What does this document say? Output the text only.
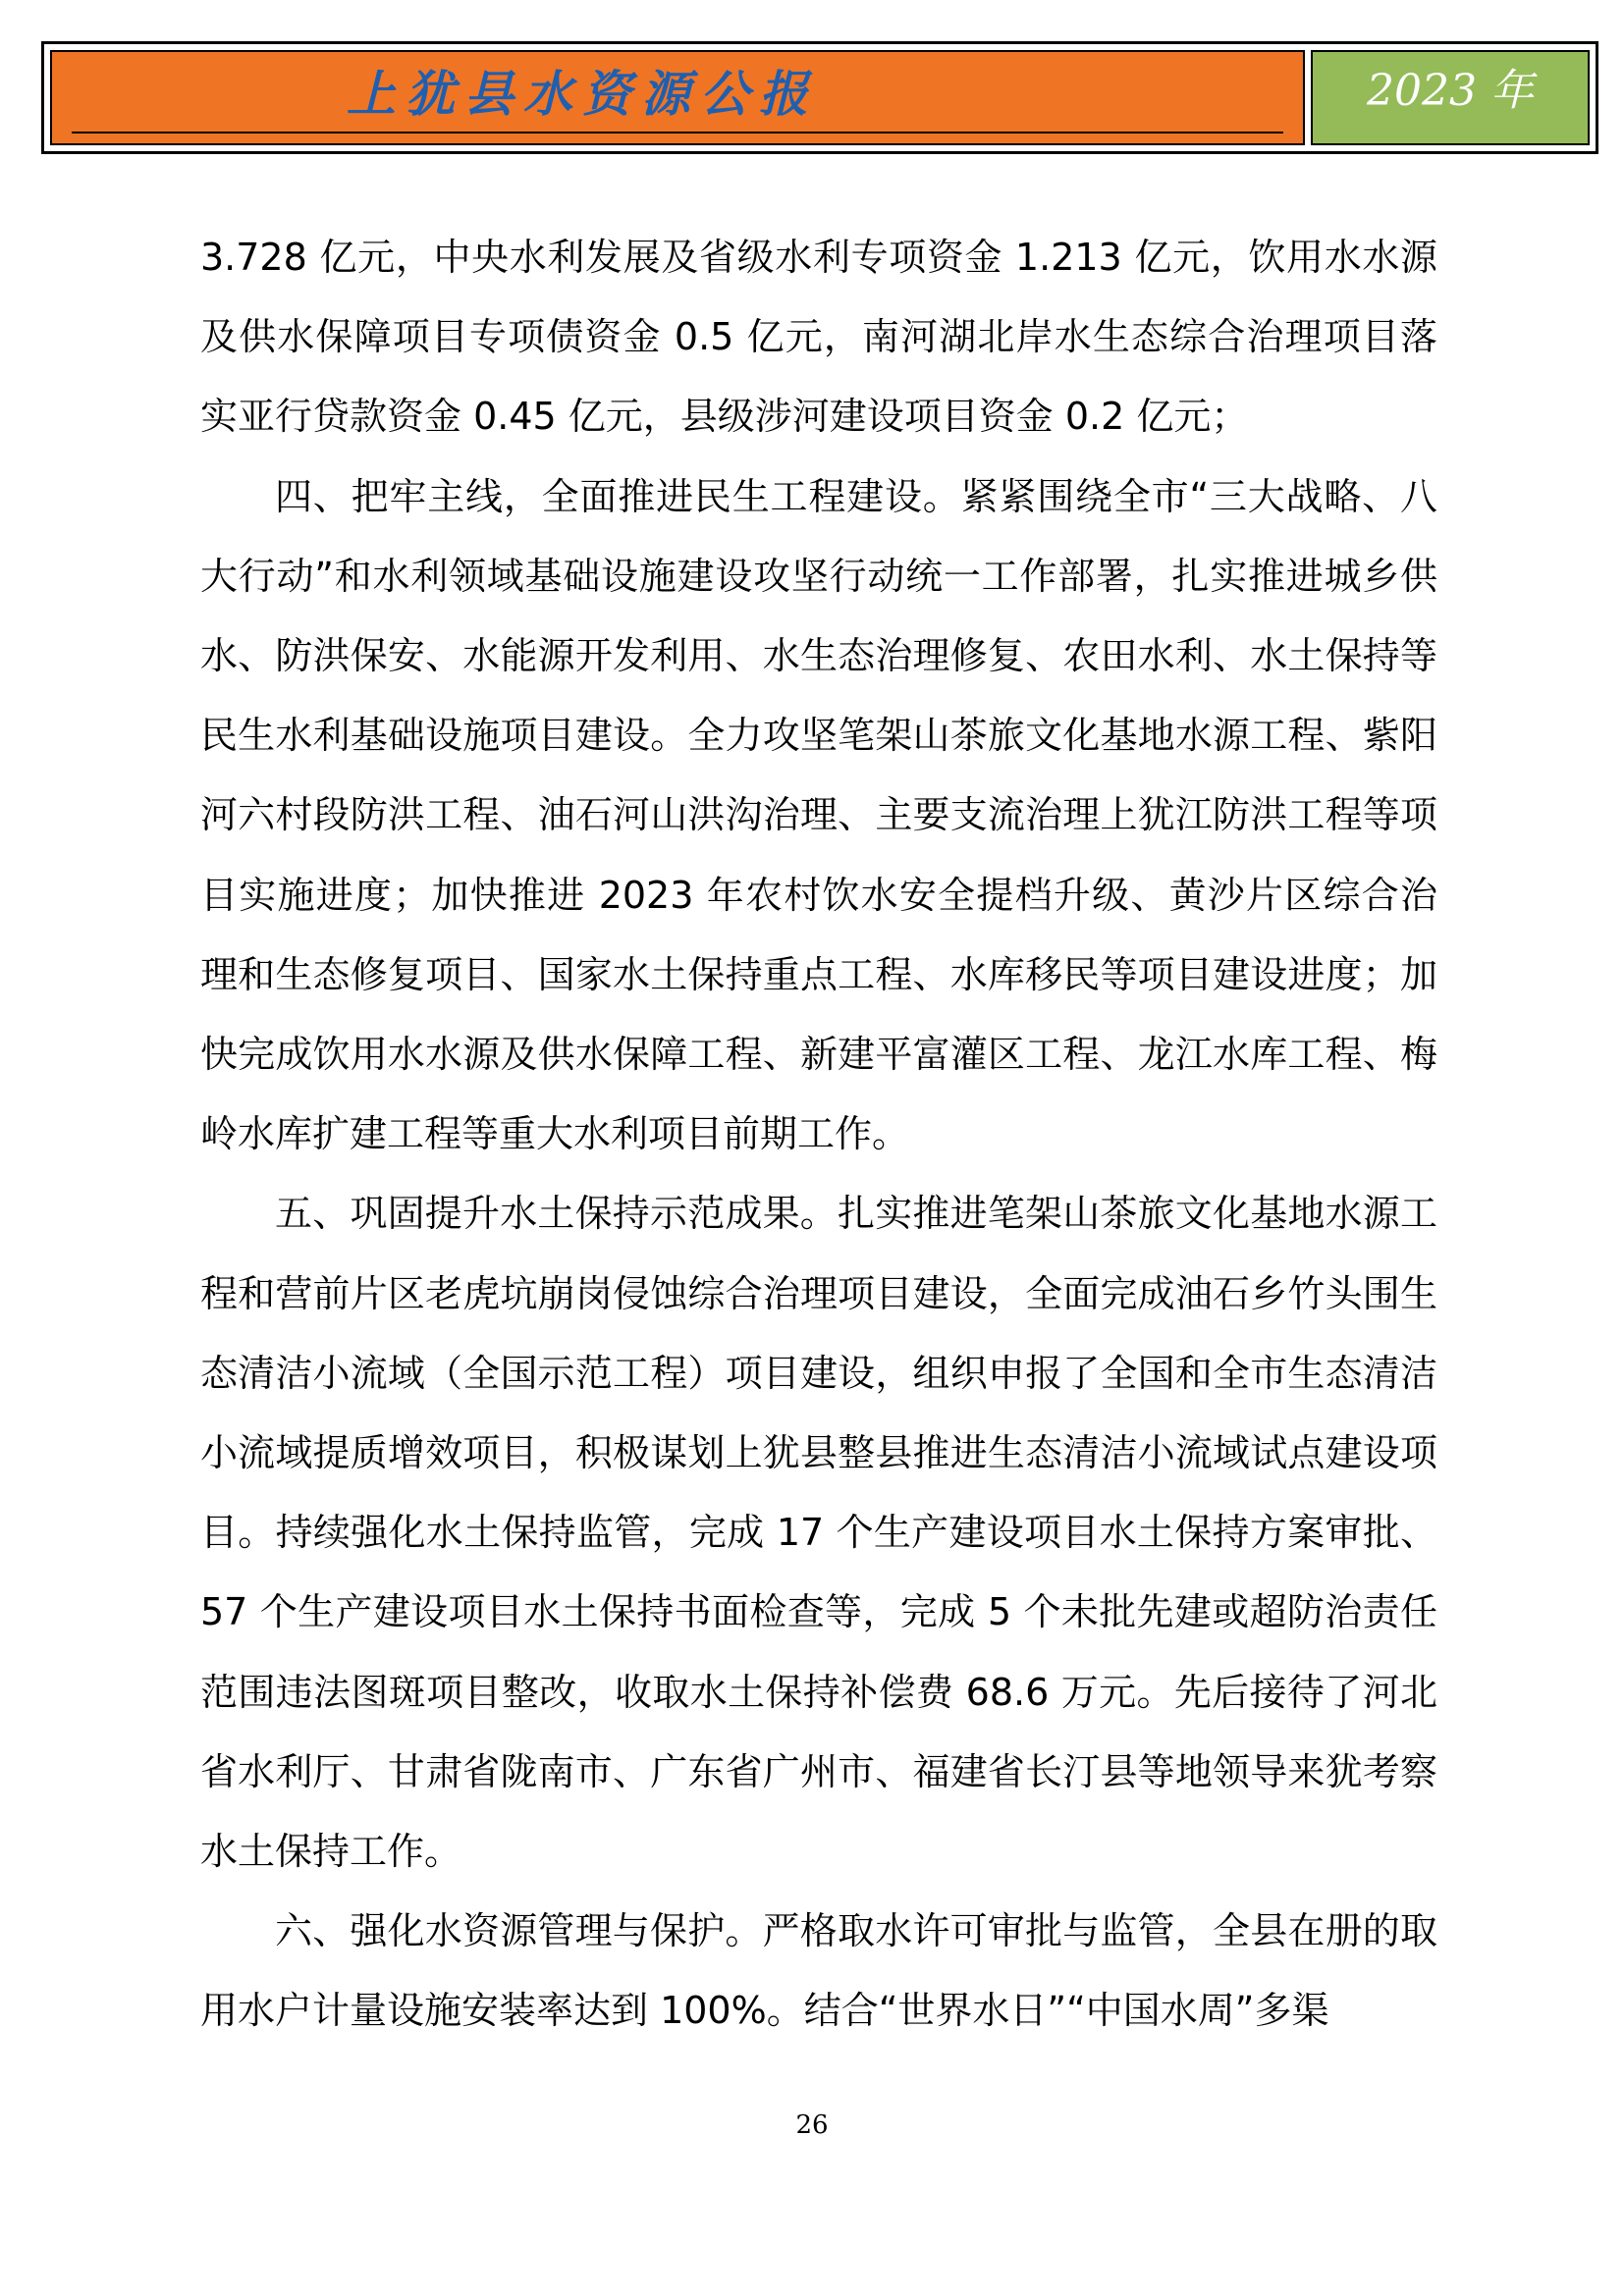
上犹县水资源公报	2023 年

3.728 亿元，中央水利发展及省级水利专项资金 1.213 亿元，饮用水水源及供水保障项目专项债资金 0.5 亿元，南河湖北岸水生态综合治理项目落实亚行贷款资金 0.45 亿元，县级涉河建设项目资金 0.2 亿元；

四、把牢主线，全面推进民生工程建设。紧紧围绕全市“三大战略、八大行动”和水利领域基础设施建设攻坚行动统一工作部署，扎实推进城乡供水、防洪保安、水能源开发利用、水生态治理修复、农田水利、水土保持等民生水利基础设施项目建设。全力攻坚笔架山茶旅文化基地水源工程、紫阳河六村段防洪工程、油石河山洪沟治理、主要支流治理上犹江防洪工程等项目实施进度；加快推进 2023 年农村饮水安全提档升级、黄沙片区综合治理和生态修复项目、国家水土保持重点工程、水库移民等项目建设进度；加快完成饮用水水源及供水保障工程、新建平富灌区工程、龙江水库工程、梅岭水库扩建工程等重大水利项目前期工作。

五、巩固提升水土保持示范成果。扎实推进笔架山茶旅文化基地水源工程和营前片区老虎坑崩岗侵蚀综合治理项目建设，全面完成油石乡竹头围生态清洁小流域（全国示范工程）项目建设，组织申报了全国和全市生态清洁小流域提质增效项目，积极谋划上犹县整县推进生态清洁小流域试点建设项目。持续强化水土保持监管，完成 17 个生产建设项目水土保持方案审批、57 个生产建设项目水土保持书面检查等，完成 5 个未批先建或超防治责任范围违法图斑项目整改，收取水土保持补偿费 68.6 万元。先后接待了河北省水利厅、甘肃省陇南市、广东省广州市、福建省长汀县等地领导来犹考察水土保持工作。

六、强化水资源管理与保护。严格取水许可审批与监管，全县在册的取用水户计量设施安装率达到 100%。结合“世界水日”“中国水周”多渠

26
